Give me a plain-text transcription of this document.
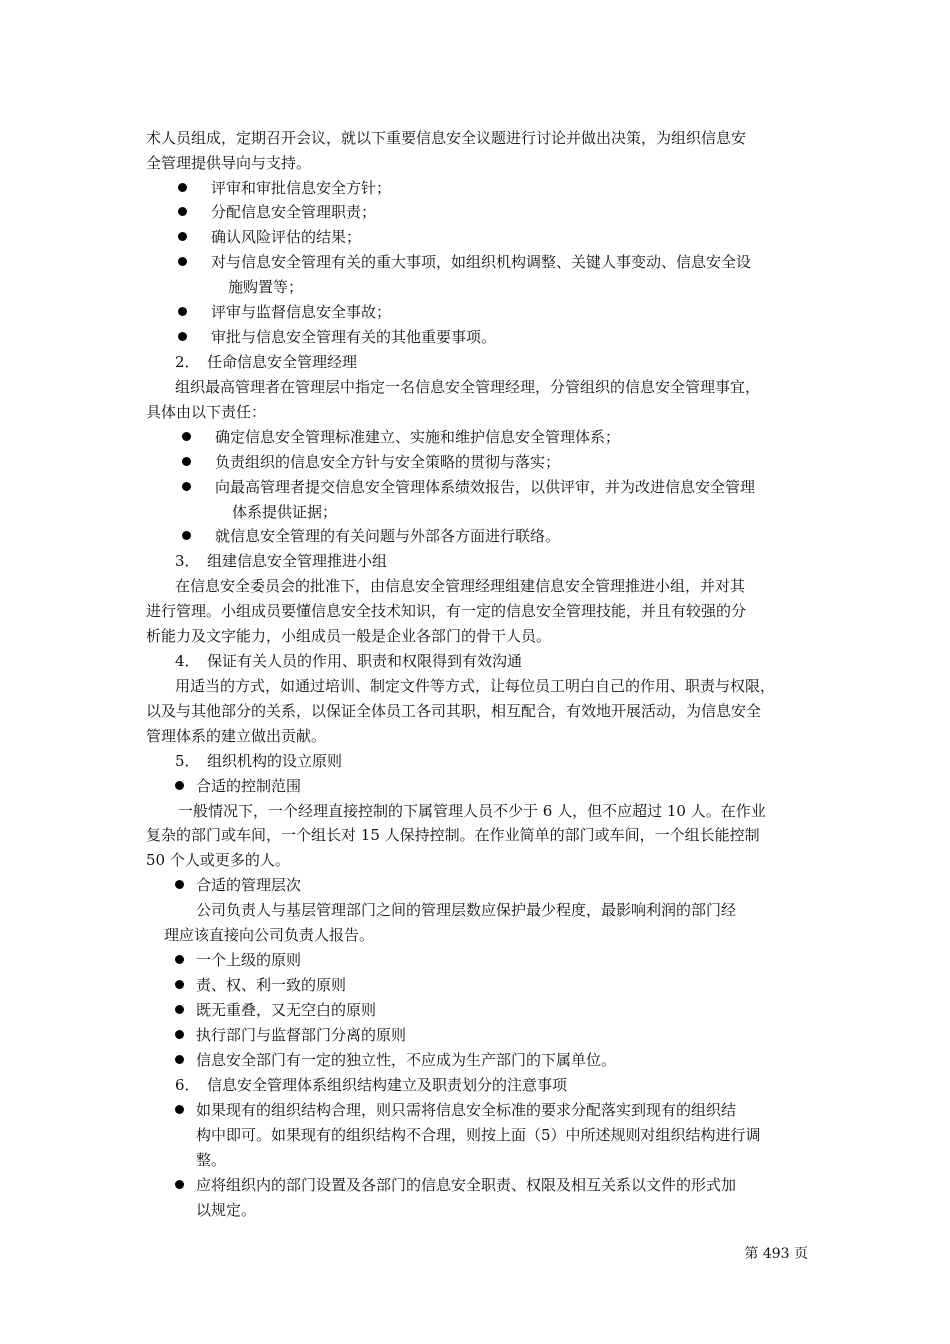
术人员组成，定期召开会议，就以下重要信息安全议题进行讨论并做出决策，为组织信息安
全管理提供导向与支持。
评审和审批信息安全方针；
分配信息安全管理职责；
确认风险评估的结果；
对与信息安全管理有关的重大事项，如组织机构调整、关键人事变动、信息安全设
施购置等；
评审与监督信息安全事故；
审批与信息安全管理有关的其他重要事项。
2．　任命信息安全管理经理
组织最高管理者在管理层中指定一名信息安全管理经理，分管组织的信息安全管理事宜，
具体由以下责任：
确定信息安全管理标准建立、实施和维护信息安全管理体系；
负责组织的信息安全方针与安全策略的贯彻与落实；
向最高管理者提交信息安全管理体系绩效报告，以供评审，并为改进信息安全管理
体系提供证据；
就信息安全管理的有关问题与外部各方面进行联络。
3．　组建信息安全管理推进小组
在信息安全委员会的批准下，由信息安全管理经理组建信息安全管理推进小组，并对其
进行管理。小组成员要懂信息安全技术知识，有一定的信息安全管理技能，并且有较强的分
析能力及文字能力，小组成员一般是企业各部门的骨干人员。
4．　保证有关人员的作用、职责和权限得到有效沟通
用适当的方式，如通过培训、制定文件等方式，让每位员工明白自己的作用、职责与权限，
以及与其他部分的关系，以保证全体员工各司其职，相互配合，有效地开展活动，为信息安全
管理体系的建立做出贡献。
5．　组织机构的设立原则
合适的控制范围
一般情况下，一个经理直接控制的下属管理人员不少于 6 人，但不应超过 10 人。在作业
复杂的部门或车间，一个组长对 15 人保持控制。在作业简单的部门或车间，一个组长能控制
50 个人或更多的人。
合适的管理层次
公司负责人与基层管理部门之间的管理层数应保护最少程度，最影响利润的部门经
理应该直接向公司负责人报告。
一个上级的原则
责、权、利一致的原则
既无重叠，又无空白的原则
执行部门与监督部门分离的原则
信息安全部门有一定的独立性，不应成为生产部门的下属单位。
6．　信息安全管理体系组织结构建立及职责划分的注意事项
如果现有的组织结构合理，则只需将信息安全标准的要求分配落实到现有的组织结
构中即可。如果现有的组织结构不合理，则按上面（5）中所述规则对组织结构进行调
整。
应将组织内的部门设置及各部门的信息安全职责、权限及相互关系以文件的形式加
以规定。
第 493 页
